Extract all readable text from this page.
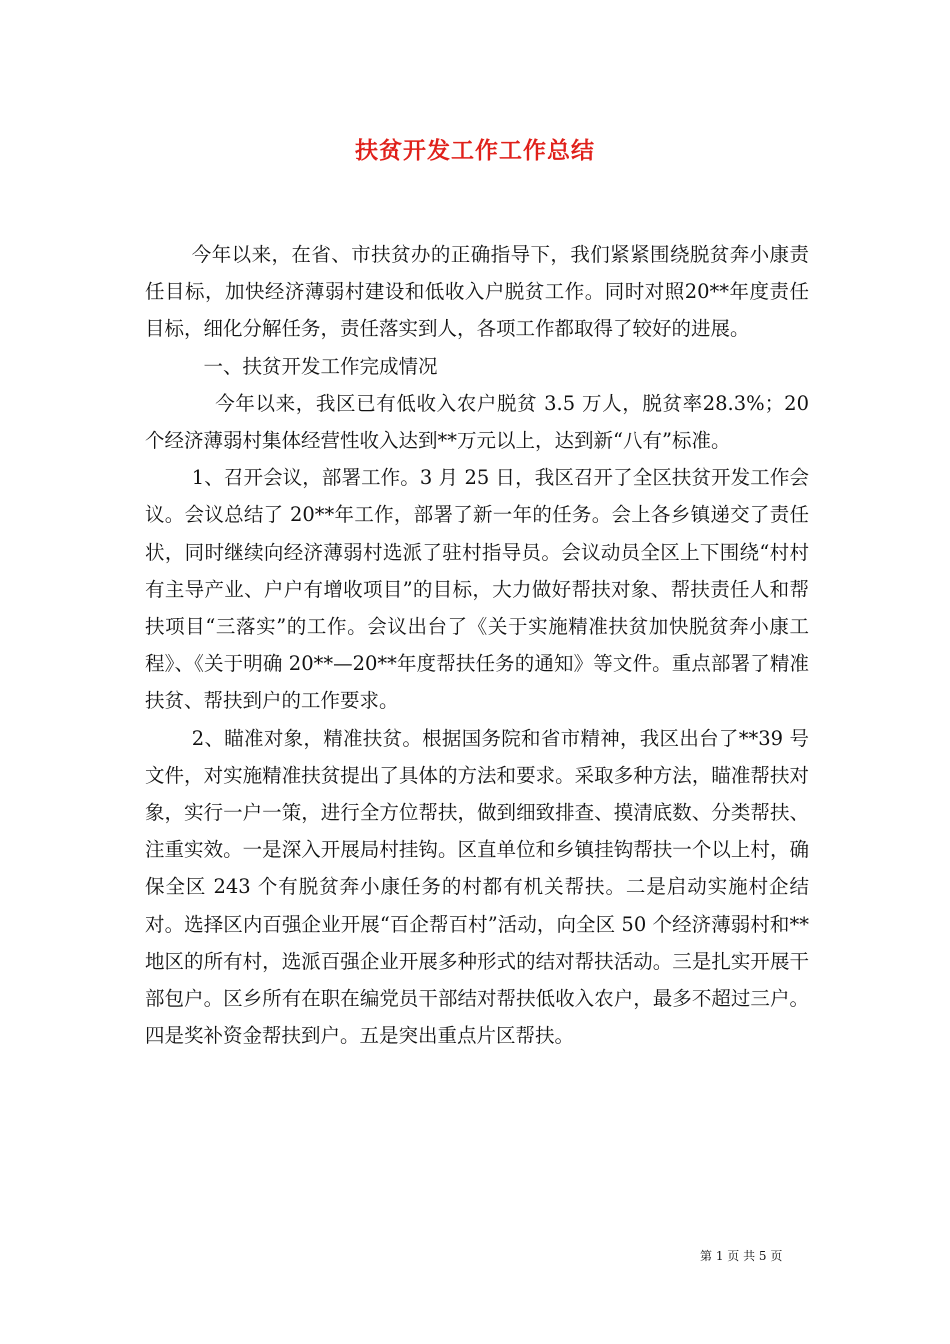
扶贫开发工作工作总结

今年以来，在省、市扶贫办的正确指导下，我们紧紧围绕脱贫奔小康责任目标，加快经济薄弱村建设和低收入户脱贫工作。同时对照20**年度责任目标，细化分解任务，责任落实到人，各项工作都取得了较好的进展。

一、扶贫开发工作完成情况

今年以来，我区已有低收入农户脱贫 3.5 万人，脱贫率28.3%；20 个经济薄弱村集体经营性收入达到**万元以上，达到新“八有”标准。

1、召开会议，部署工作。3 月 25 日，我区召开了全区扶贫开发工作会议。会议总结了 20**年工作，部署了新一年的任务。会上各乡镇递交了责任状，同时继续向经济薄弱村选派了驻村指导员。会议动员全区上下围绕“村村有主导产业、户户有增收项目”的目标，大力做好帮扶对象、帮扶责任人和帮扶项目“三落实”的工作。会议出台了《关于实施精准扶贫加快脱贫奔小康工程》、《关于明确 20**—20**年度帮扶任务的通知》等文件。重点部署了精准扶贫、帮扶到户的工作要求。

2、瞄准对象，精准扶贫。根据国务院和省市精神，我区出台了**39 号文件，对实施精准扶贫提出了具体的方法和要求。采取多种方法，瞄准帮扶对象，实行一户一策，进行全方位帮扶，做到细致排查、摸清底数、分类帮扶、注重实效。一是深入开展局村挂钩。区直单位和乡镇挂钩帮扶一个以上村，确保全区 243 个有脱贫奔小康任务的村都有机关帮扶。二是启动实施村企结对。选择区内百强企业开展“百企帮百村”活动，向全区 50 个经济薄弱村和**地区的所有村，选派百强企业开展多种形式的结对帮扶活动。三是扎实开展干部包户。区乡所有在职在编党员干部结对帮扶低收入农户，最多不超过三户。四是奖补资金帮扶到户。五是突出重点片区帮扶。

第 1 页 共 5 页
